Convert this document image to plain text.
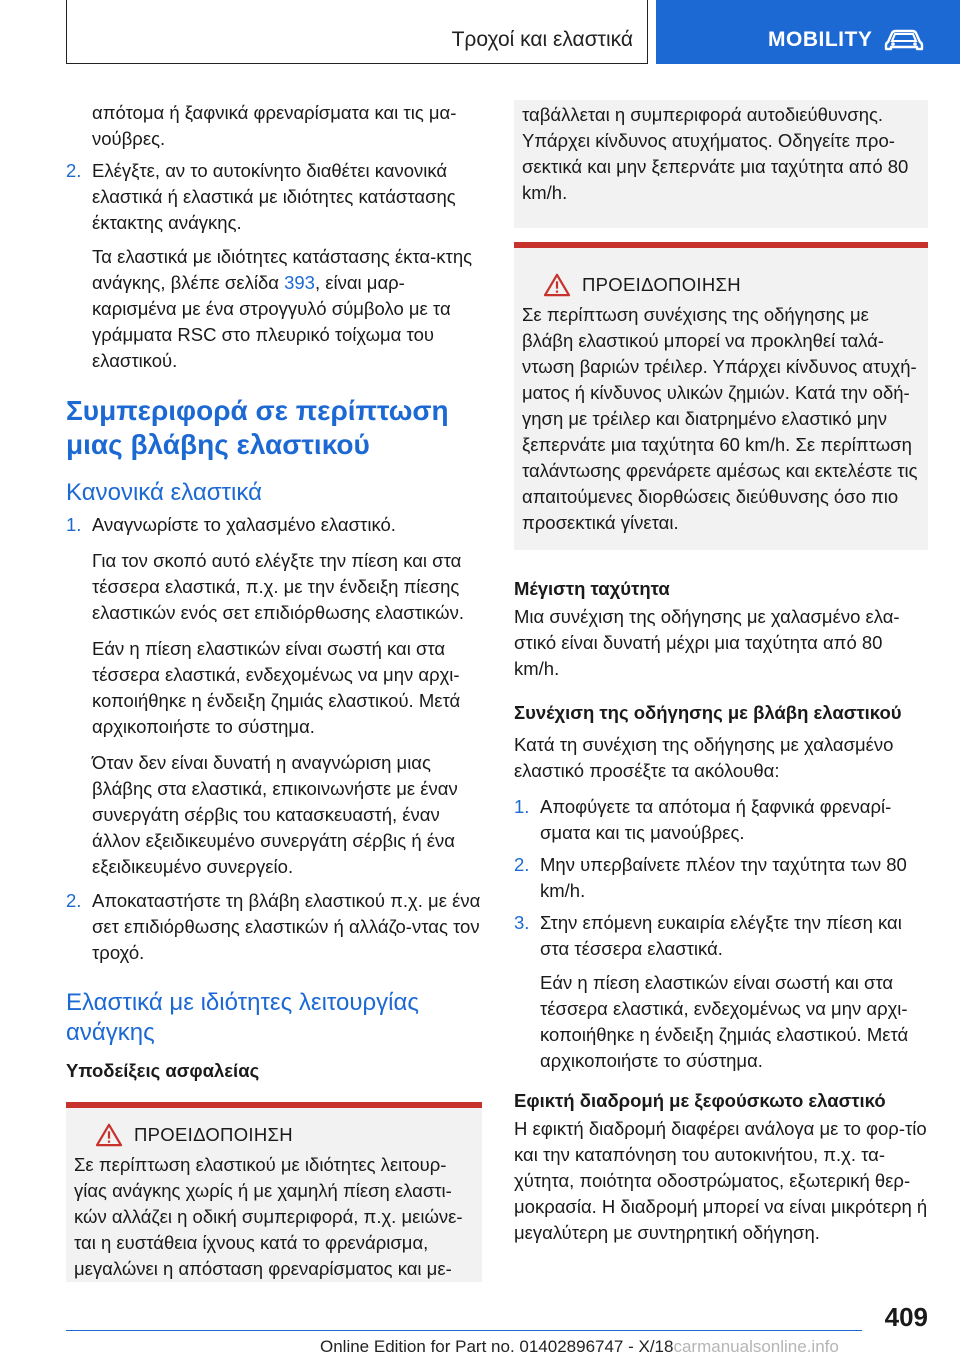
Τροχοί και ελαστικά	MOBILITY

απότομα ή ξαφνικά φρεναρίσματα και τις μα-νούβρες.

2. Ελέγξτε, αν το αυτοκίνητο διαθέτει κανονικά ελαστικά ή ελαστικά με ιδιότητες κατάστασης έκτακτης ανάγκης.

Τα ελαστικά με ιδιότητες κατάστασης έκτα-κτης ανάγκης, βλέπε σελίδα 393, είναι μαρ-καρισμένα με ένα στρογγυλό σύμβολο με τα γράμματα RSC στο πλευρικό τοίχωμα του ελαστικού.

Συμπεριφορά σε περίπτωση μιας βλάβης ελαστικού
Κανονικά ελαστικά
1. Αναγνωρίστε το χαλασμένο ελαστικό.

Για τον σκοπό αυτό ελέγξτε την πίεση και στα τέσσερα ελαστικά, π.χ. με την ένδειξη πίεσης ελαστικών ενός σετ επιδιόρθωσης ελαστικών.

Εάν η πίεση ελαστικών είναι σωστή και στα τέσσερα ελαστικά, ενδεχομένως να μην αρχι-κοποιήθηκε η ένδειξη ζημιάς ελαστικού. Μετά αρχικοποιήστε το σύστημα.

Όταν δεν είναι δυνατή η αναγνώριση μιας βλάβης στα ελαστικά, επικοινωνήστε με έναν συνεργάτη σέρβις του κατασκευαστή, έναν άλλον εξειδικευμένο συνεργάτη σέρβις ή ένα εξειδικευμένο συνεργείο.

2. Αποκαταστήστε τη βλάβη ελαστικού π.χ. με ένα σετ επιδιόρθωσης ελαστικών ή αλλάζο-ντας τον τροχό.
Ελαστικά με ιδιότητες λειτουργίας ανάγκης
Υποδείξεις ασφαλείας
ΠΡΟΕΙΔΟΠΟΙΗΣΗ

Σε περίπτωση ελαστικού με ιδιότητες λειτουρ-γίας ανάγκης χωρίς ή με χαμηλή πίεση ελαστι-κών αλλάζει η οδική συμπεριφορά, π.χ. μειώνε-ται η ευστάθεια ίχνους κατά το φρενάρισμα, μεγαλώνει η απόσταση φρεναρίσματος και με-

ταβάλλεται η συμπεριφορά αυτοδιεύθυνσης. Υπάρχει κίνδυνος ατυχήματος. Οδηγείτε προ-σεκτικά και μην ξεπερνάτε μια ταχύτητα από 80 km/h.

ΠΡΟΕΙΔΟΠΟΙΗΣΗ

Σε περίπτωση συνέχισης της οδήγησης με βλάβη ελαστικού μπορεί να προκληθεί ταλά-ντωση βαριών τρέιλερ. Υπάρχει κίνδυνος ατυχή-ματος ή κίνδυνος υλικών ζημιών. Κατά την οδή-γηση με τρέιλερ και διατρημένο ελαστικό μην ξεπερνάτε μια ταχύτητα 60 km/h. Σε περίπτωση ταλάντωσης φρενάρετε αμέσως και εκτελέστε τις απαιτούμενες διορθώσεις διεύθυνσης όσο πιο προσεκτικά γίνεται.

Μέγιστη ταχύτητα

Μια συνέχιση της οδήγησης με χαλασμένο ελα-στικό είναι δυνατή μέχρι μια ταχύτητα από 80 km/h.

Συνέχιση της οδήγησης με βλάβη ελαστικού

Κατά τη συνέχιση της οδήγησης με χαλασμένο ελαστικό προσέξτε τα ακόλουθα:

1. Αποφύγετε τα απότομα ή ξαφνικά φρεναρί-σματα και τις μανούβρες.
2. Μην υπερβαίνετε πλέον την ταχύτητα των 80 km/h.
3. Στην επόμενη ευκαιρία ελέγξτε την πίεση και στα τέσσερα ελαστικά.

Εάν η πίεση ελαστικών είναι σωστή και στα τέσσερα ελαστικά, ενδεχομένως να μην αρχι-κοποιήθηκε η ένδειξη ζημιάς ελαστικού. Μετά αρχικοποιήστε το σύστημα.

Εφικτή διαδρομή με ξεφούσκωτο ελαστικό

Η εφικτή διαδρομή διαφέρει ανάλογα με το φορ-τίο και την καταπόνηση του αυτοκινήτου, π.χ. τα-χύτητα, ποιότητα οδοστρώματος, εξωτερική θερ-μοκρασία. Η διαδρομή μπορεί να είναι μικρότερη ή μεγαλύτερη με συντηρητική οδήγηση.

409
Online Edition for Part no. 01402896747 - X/18carmanualsonline.info
